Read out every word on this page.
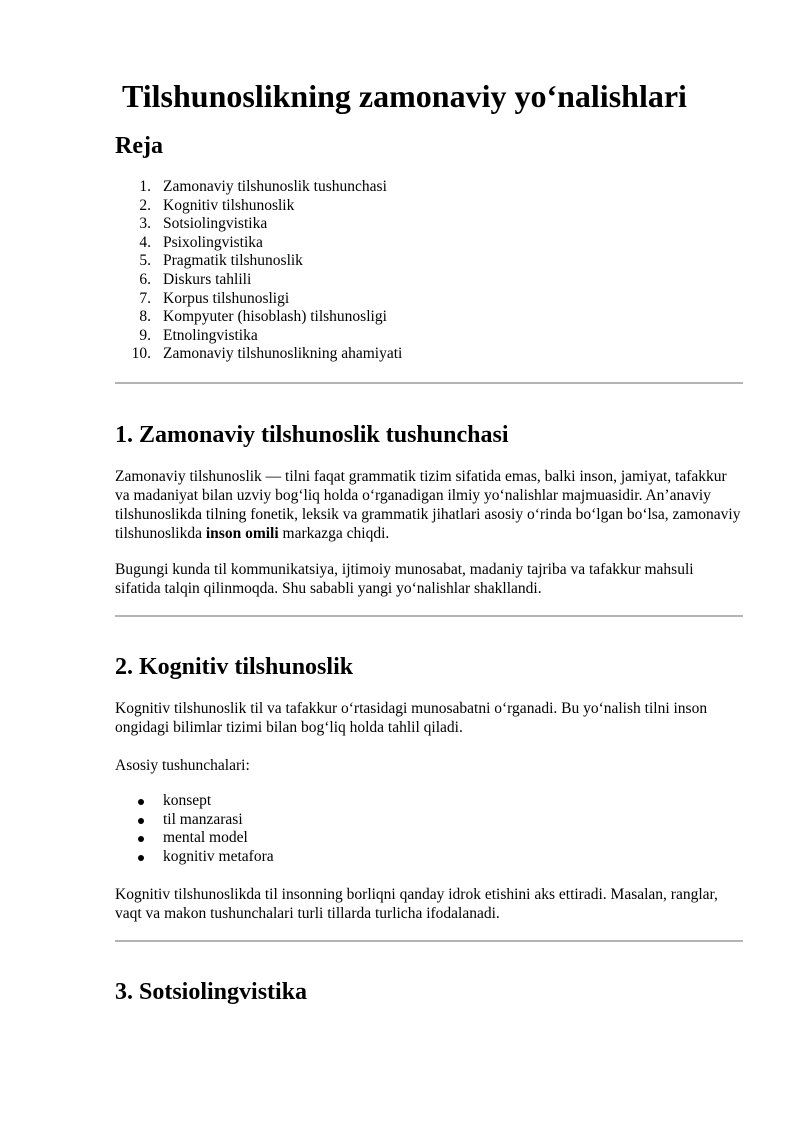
Tilshunoslikning zamonaviy yo‘nalishlari
Reja
1. Zamonaviy tilshunoslik tushunchasi
2. Kognitiv tilshunoslik
3. Sotsiolingvistika
4. Psixolingvistika
5. Pragmatik tilshunoslik
6. Diskurs tahlili
7. Korpus tilshunosligi
8. Kompyuter (hisoblash) tilshunosligi
9. Etnolingvistika
10. Zamonaviy tilshunoslikning ahamiyati
1. Zamonaviy tilshunoslik tushunchasi

Zamonaviy tilshunoslik — tilni faqat grammatik tizim sifatida emas, balki inson, jamiyat, tafakkur va madaniyat bilan uzviy bog‘liq holda o‘rganadigan ilmiy yo‘nalishlar majmuasidir. An’anaviy tilshunoslikda tilning fonetik, leksik va grammatik jihatlari asosiy o‘rinda bo‘lgan bo‘lsa, zamonaviy tilshunoslikda inson omili markazga chiqdi.

Bugungi kunda til kommunikatsiya, ijtimoiy munosabat, madaniy tajriba va tafakkur mahsuli sifatida talqin qilinmoqda. Shu sababli yangi yo‘nalishlar shakllandi.

2. Kognitiv tilshunoslik

Kognitiv tilshunoslik til va tafakkur o‘rtasidagi munosabatni o‘rganadi. Bu yo‘nalish tilni inson ongidagi bilimlar tizimi bilan bog‘liq holda tahlil qiladi.

Asosiy tushunchalari:

konsept
til manzarasi
mental model
kognitiv metafora

Kognitiv tilshunoslikda til insonning borliqni qanday idrok etishini aks ettiradi. Masalan, ranglar, vaqt va makon tushunchalari turli tillarda turlicha ifodalanadi.

3. Sotsiolingvistika
